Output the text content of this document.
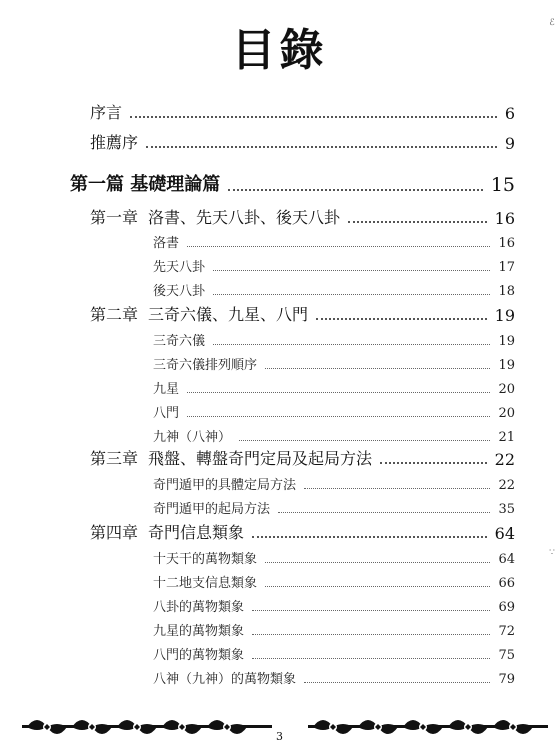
目錄
序言	6
推薦序	9
第一篇 基礎理論篇	15
第一章 洛書、先天八卦、後天八卦	16
洛書	16
先天八卦	17
後天八卦	18
第二章 三奇六儀、九星、八門	19
三奇六儀	19
三奇六儀排列順序	19
九星	20
八門	20
九神（八神）	21
第三章 飛盤、轉盤奇門定局及起局方法	22
奇門遁甲的具體定局方法	22
奇門遁甲的起局方法	35
第四章 奇門信息類象	64
十天干的萬物類象	64
十二地支信息類象	66
八卦的萬物類象	69
九星的萬物類象	72
八門的萬物類象	75
八神（九神）的萬物類象	79
3
ℰ
∵
